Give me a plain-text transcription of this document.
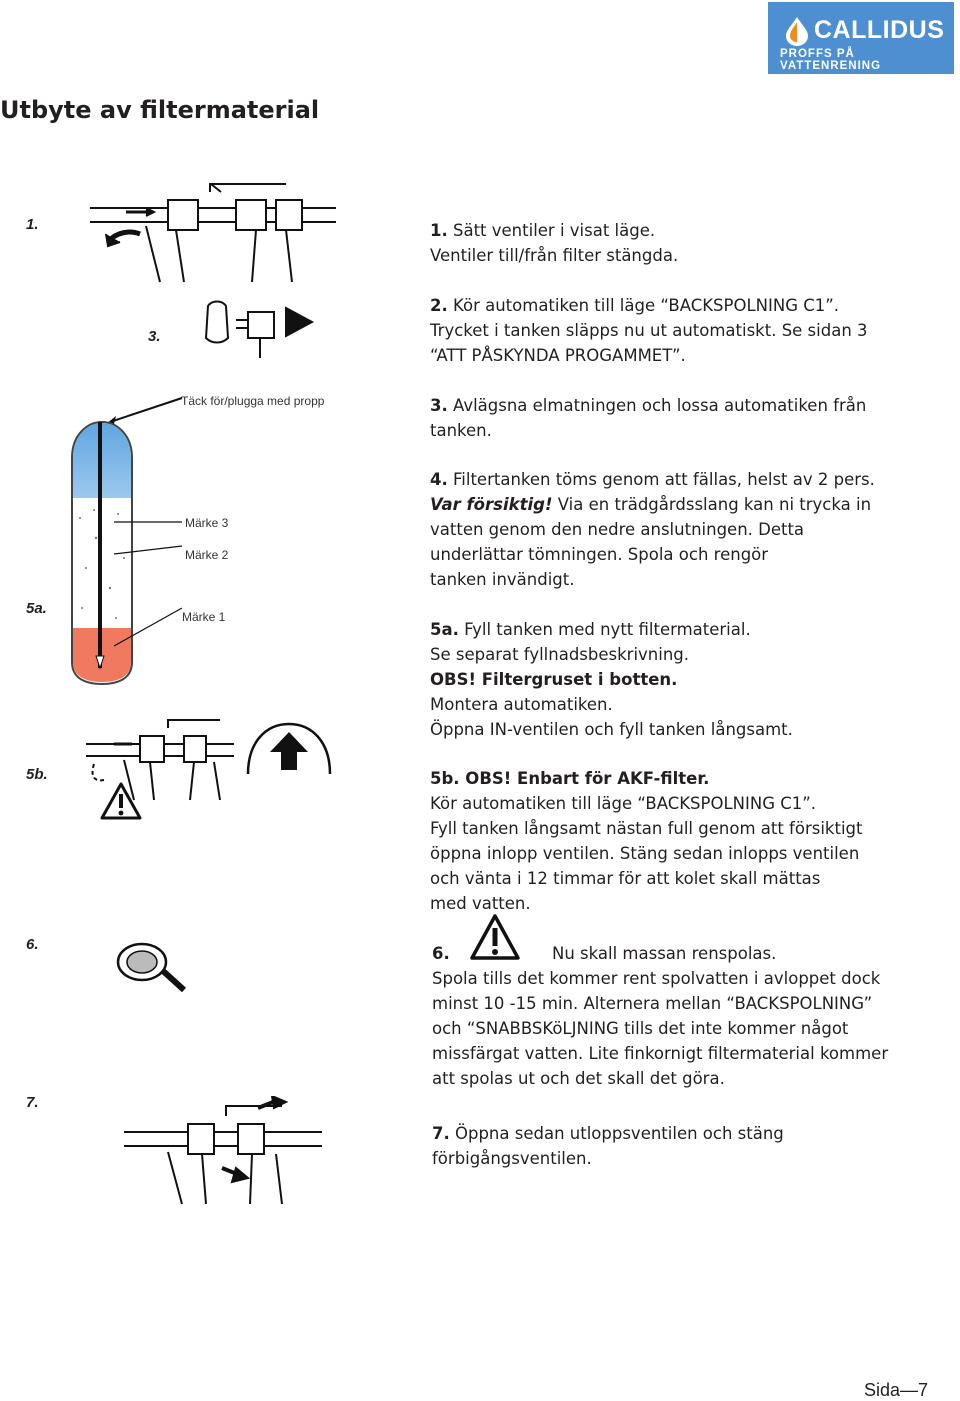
CALLIDUS
PROFFS PÅ VATTENRENING
Utbyte av filtermaterial
1.
3.
5a.
5b.
6.
7.
Täck för/plugga med propp
Märke 3
Märke 2
Märke 1
1. Sätt ventiler i visat läge.
Ventiler till/från filter stängda.
2. Kör automatiken till läge “BACKSPOLNING C1”.
Trycket i tanken släpps nu ut automatiskt. Se sidan 3
“ATT PÅSKYNDA PROGAMMET”.
3. Avlägsna elmatningen och lossa automatiken från
tanken.
4. Filtertanken töms genom att fällas, helst av 2 pers.
Var försiktig! Via en trädgårdsslang kan ni trycka in
vatten genom den nedre anslutningen. Detta
underlättar tömningen. Spola och rengör
tanken invändigt.
5a. Fyll tanken med nytt filtermaterial.
Se separat fyllnadsbeskrivning.
OBS! Filtergruset i botten.
Montera automatiken.
Öppna IN-ventilen och fyll tanken långsamt.
5b. OBS! Enbart för AKF-filter.
Kör automatiken till läge “BACKSPOLNING C1”.
Fyll tanken långsamt nästan full genom att försiktigt
öppna inlopp ventilen. Stäng sedan inlopps ventilen
och vänta i 12 timmar för att kolet skall mättas
med vatten.
6.	Nu skall massan renspolas.
Spola tills det kommer rent spolvatten i avloppet dock
minst 10 -15 min. Alternera mellan “BACKSPOLNING”
och “SNABBSKöLJNING tills det inte kommer något
missfärgat vatten. Lite finkornigt filtermaterial kommer
att spolas ut och det skall det göra.
7. Öppna sedan utloppsventilen och stäng
förbigångsventilen.
Sida—7
